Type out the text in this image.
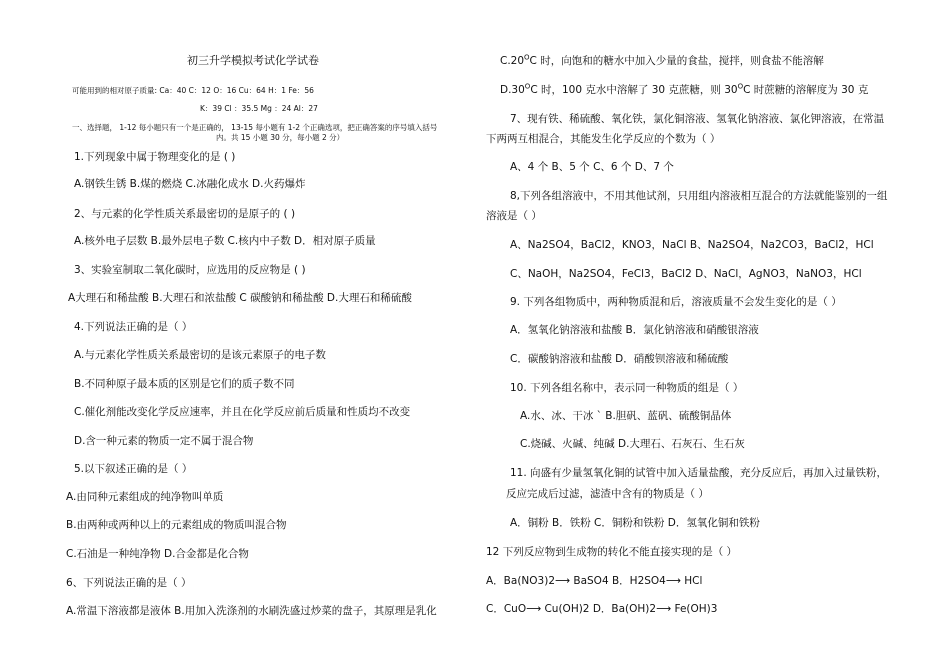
初三升学模拟考试化学试卷
可能用到的相对原子质量: Ca：40 C：12 O：16 Cu：64 H：1 Fe：56
K：39 Cl ：35.5 Mg ：24 Al：27
一、选择题， 1-12 每小题只有一个是正确的， 13-15 每小题有 1-2 个正确选项，把正确答案的序号填入括号
内。共 15 小题 30 分，每小题 2 分）
1.下列现象中属于物理变化的是 ( )
A.钢铁生锈 B.煤的燃烧 C.冰融化成水 D.火药爆炸
2、与元素的化学性质关系最密切的是原子的 ( )
A.核外电子层数 B.最外层电子数 C.核内中子数 D．相对原子质量
3、实验室制取二氧化碳时，应选用的反应物是 ( )
A大理石和稀盐酸 B.大理石和浓盐酸 C 碳酸钠和稀盐酸 D.大理石和稀硫酸
4.下列说法正确的是（ ）
A.与元素化学性质关系最密切的是该元素原子的电子数
B.不同种原子最本质的区别是它们的质子数不同
C.催化剂能改变化学反应速率，并且在化学反应前后质量和性质均不改变
D.含一种元素的物质一定不属于混合物
5.以下叙述正确的是（ ）
A.由同种元素组成的纯净物叫单质
B.由两种或两种以上的元素组成的物质叫混合物
C.石油是一种纯净物 D.合金都是化合物
6、下列说法正确的是（ ）
A.常温下溶液都是液体 B.用加入洗涤剂的水刷洗盛过炒菜的盘子，其原理是乳化
$C.20^OC$ 时，向饱和的糖水中加入少量的食盐，搅拌，则食盐不能溶解
$D.30^OC$ 时，100 克水中溶解了 30 克蔗糖，则 $30^OC$ 时蔗糖的溶解度为 30 克
7、现有铁、稀硫酸、氧化铁，氯化铜溶液、氢氧化钠溶液、氯化钾溶液，在常温
下两两互相混合，其能发生化学反应的个数为（ ）
A、4 个 B、5 个 C、6 个 D、7 个
8,下列各组溶液中，不用其他试剂，只用组内溶液相互混合的方法就能鉴别的一组
溶液是（ ）
A、Na2SO4，BaCl2，KNO3，NaCl B、Na2SO4，Na2CO3，BaCl2，HCl
C、NaOH，Na2SO4，FeCl3，BaCl2 D、NaCl，AgNO3，NaNO3，HCl
9. 下列各组物质中，两种物质混和后，溶液质量不会发生变化的是（ ）
A．氢氧化钠溶液和盐酸 B．氯化钠溶液和硝酸银溶液
C．碳酸钠溶液和盐酸 D．硝酸钡溶液和稀硫酸
10. 下列各组名称中，表示同一种物质的组是（ ）
A.水、冰、干冰 ` B.胆矾、蓝矾、硫酸铜晶体
C.烧碱、火碱、纯碱 D.大理石、石灰石、生石灰
11. 向盛有少量氢氧化铜的试管中加入适量盐酸，充分反应后，再加入过量铁粉，
反应完成后过滤，滤渣中含有的物质是（ ）
A．铜粉 B．铁粉 C．铜粉和铁粉 D．氢氧化铜和铁粉
12 下列反应物到生成物的转化不能直接实现的是（ ）
A．Ba(NO3)2⟶ BaSO4 B．H2SO4⟶ HCl
C．CuO⟶ Cu(OH)2 D．Ba(OH)2⟶ Fe(OH)3
